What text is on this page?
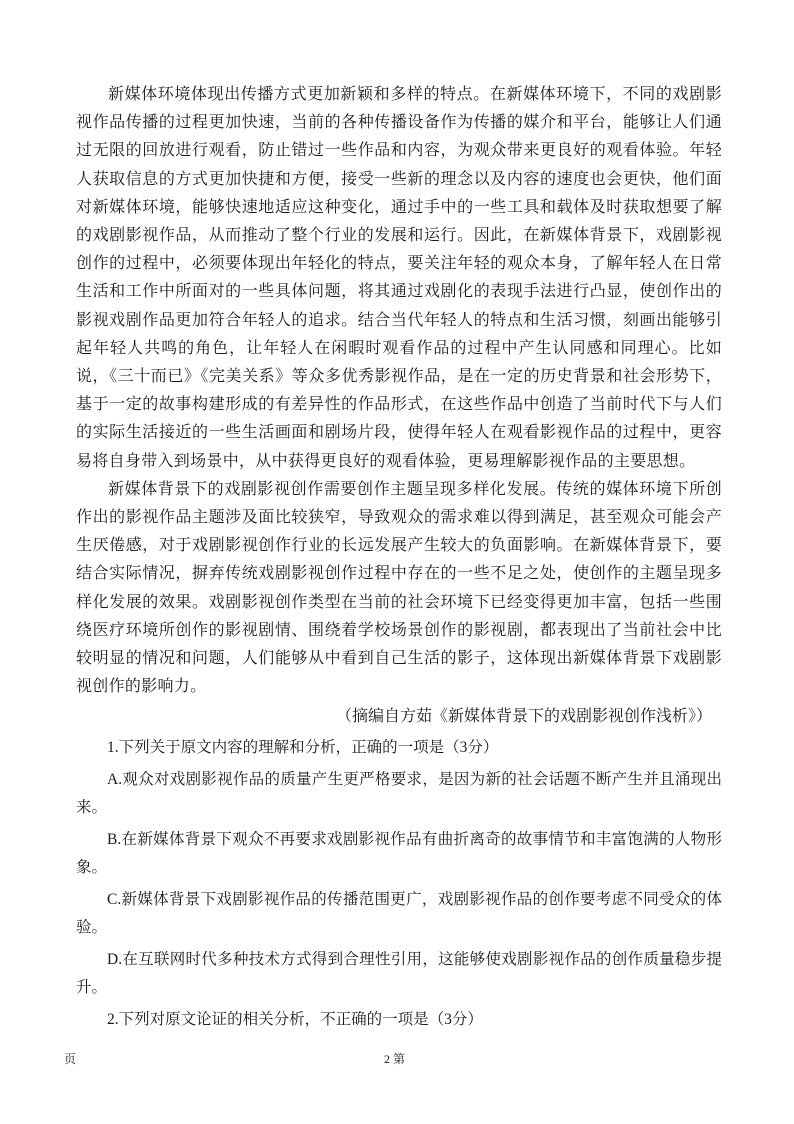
新媒体环境体现出传播方式更加新颖和多样的特点。在新媒体环境下，不同的戏剧影视作品传播的过程更加快速，当前的各种传播设备作为传播的媒介和平台，能够让人们通过无限的回放进行观看，防止错过一些作品和内容，为观众带来更良好的观看体验。年轻人获取信息的方式更加快捷和方便，接受一些新的理念以及内容的速度也会更快，他们面对新媒体环境，能够快速地适应这种变化，通过手中的一些工具和载体及时获取想要了解的戏剧影视作品，从而推动了整个行业的发展和运行。因此，在新媒体背景下，戏剧影视创作的过程中，必须要体现出年轻化的特点，要关注年轻的观众本身，了解年轻人在日常生活和工作中所面对的一些具体问题，将其通过戏剧化的表现手法进行凸显，使创作出的影视戏剧作品更加符合年轻人的追求。结合当代年轻人的特点和生活习惯，刻画出能够引起年轻人共鸣的角色，让年轻人在闲暇时观看作品的过程中产生认同感和同理心。比如说，《三十而已》《完美关系》等众多优秀影视作品，是在一定的历史背景和社会形势下，基于一定的故事构建形成的有差异性的作品形式，在这些作品中创造了当前时代下与人们的实际生活接近的一些生活画面和剧场片段，使得年轻人在观看影视作品的过程中，更容易将自身带入到场景中，从中获得更良好的观看体验，更易理解影视作品的主要思想。

新媒体背景下的戏剧影视创作需要创作主题呈现多样化发展。传统的媒体环境下所创作出的影视作品主题涉及面比较狭窄，导致观众的需求难以得到满足，甚至观众可能会产生厌倦感，对于戏剧影视创作行业的长远发展产生较大的负面影响。在新媒体背景下，要结合实际情况，摒弃传统戏剧影视创作过程中存在的一些不足之处，使创作的主题呈现多样化发展的效果。戏剧影视创作类型在当前的社会环境下已经变得更加丰富，包括一些围绕医疗环境所创作的影视剧情、围绕着学校场景创作的影视剧，都表现出了当前社会中比较明显的情况和问题，人们能够从中看到自己生活的影子，这体现出新媒体背景下戏剧影视创作的影响力。

（摘编自方茹《新媒体背景下的戏剧影视创作浅析》）

1.下列关于原文内容的理解和分析，正确的一项是（3分）

A.观众对戏剧影视作品的质量产生更严格要求，是因为新的社会话题不断产生并且涌现出来。

B.在新媒体背景下观众不再要求戏剧影视作品有曲折离奇的故事情节和丰富饱满的人物形象。

C.新媒体背景下戏剧影视作品的传播范围更广，戏剧影视作品的创作要考虑不同受众的体验。

D.在互联网时代多种技术方式得到合理性引用，这能够使戏剧影视作品的创作质量稳步提升。

2.下列对原文论证的相关分析，不正确的一项是（3分）

页	2 第
